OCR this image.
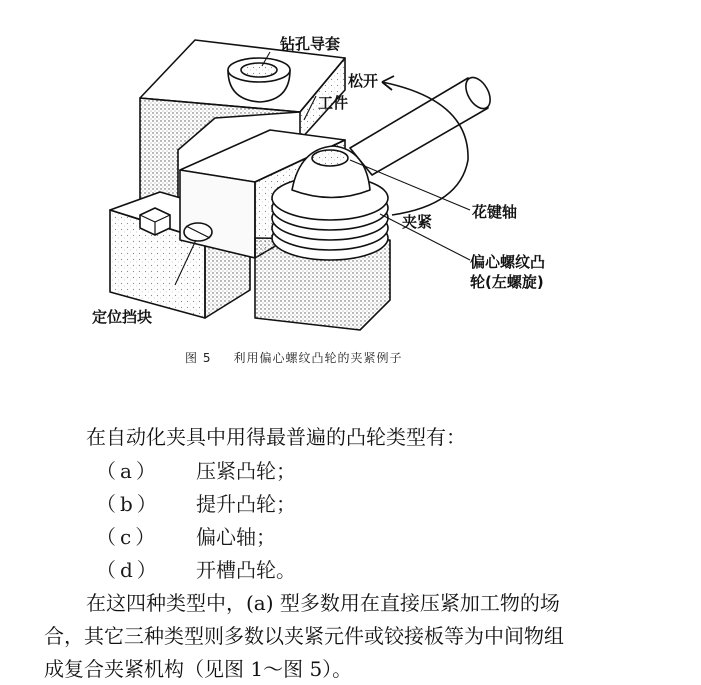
钻孔导套
松开
工件
花键轴
夹紧
偏心螺纹凸
轮(左螺旋)
定位挡块
图 5 利用偏心螺纹凸轮的夹紧例子
在自动化夹具中用得最普遍的凸轮类型有：
（a） 压紧凸轮；
（b） 提升凸轮；
（c） 偏心轴；
（d） 开槽凸轮。
在这四种类型中，(a) 型多数用在直接压紧加工物的场
合，其它三种类型则多数以夹紧元件或铰接板等为中间物组
成复合夹紧机构（见图 1～图 5）。
